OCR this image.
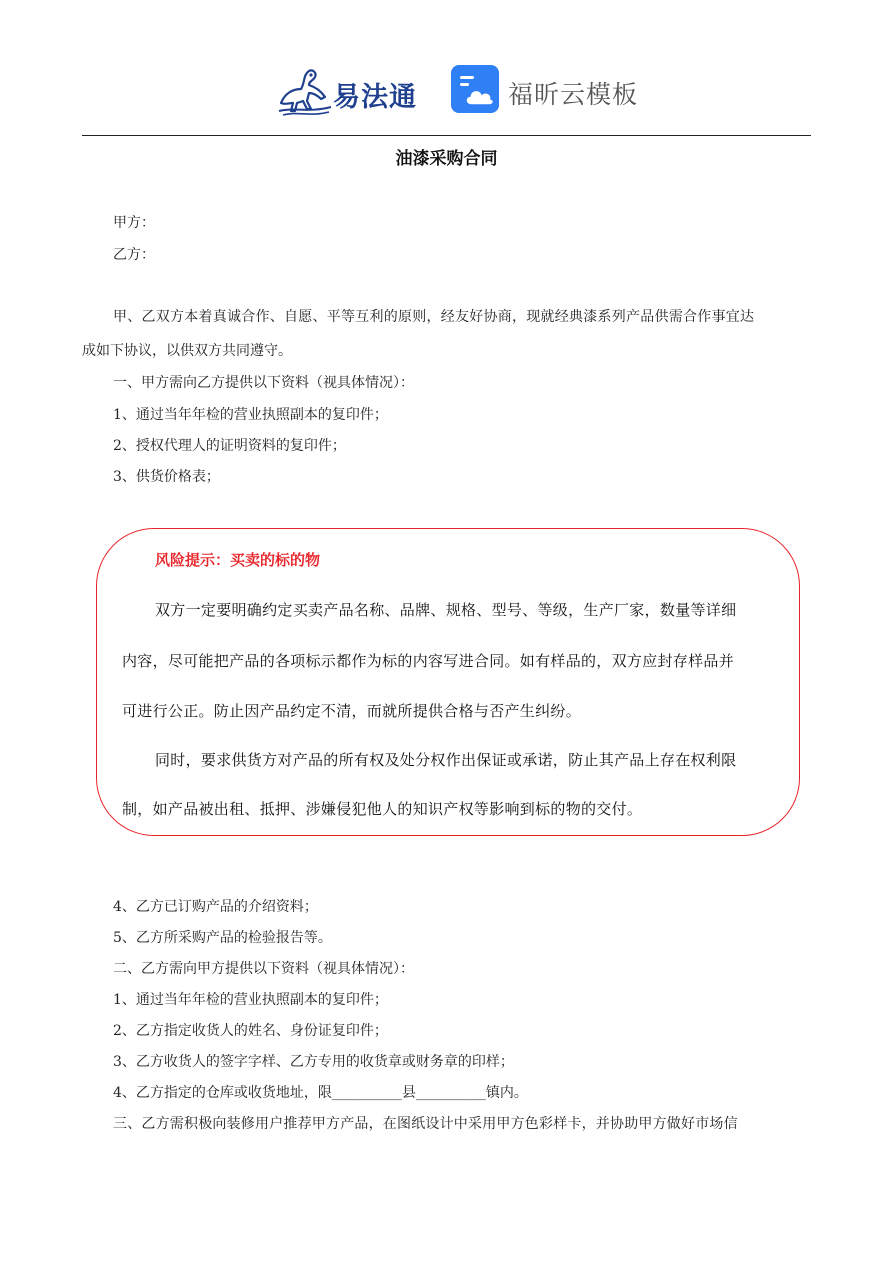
易法通	福昕云模板
油漆采购合同
甲方：
乙方：
甲、乙双方本着真诚合作、自愿、平等互利的原则，经友好协商，现就经典漆系列产品供需合作事宜达
成如下协议，以供双方共同遵守。
一、甲方需向乙方提供以下资料（视具体情况）：
1、通过当年年检的营业执照副本的复印件；
2、授权代理人的证明资料的复印件；
3、供货价格表；
风险提示：买卖的标的物
双方一定要明确约定买卖产品名称、品牌、规格、型号、等级，生产厂家，数量等详细
内容，尽可能把产品的各项标示都作为标的内容写进合同。如有样品的，双方应封存样品并
可进行公正。防止因产品约定不清，而就所提供合格与否产生纠纷。
同时，要求供货方对产品的所有权及处分权作出保证或承诺，防止其产品上存在权利限
制，如产品被出租、抵押、涉嫌侵犯他人的知识产权等影响到标的物的交付。
4、乙方已订购产品的介绍资料；
5、乙方所采购产品的检验报告等。
二、乙方需向甲方提供以下资料（视具体情况）：
1、通过当年年检的营业执照副本的复印件；
2、乙方指定收货人的姓名、身份证复印件；
3、乙方收货人的签字字样、乙方专用的收货章或财务章的印样；
4、乙方指定的仓库或收货地址，限__________县__________镇内。
三、乙方需积极向装修用户推荐甲方产品，在图纸设计中采用甲方色彩样卡，并协助甲方做好市场信
